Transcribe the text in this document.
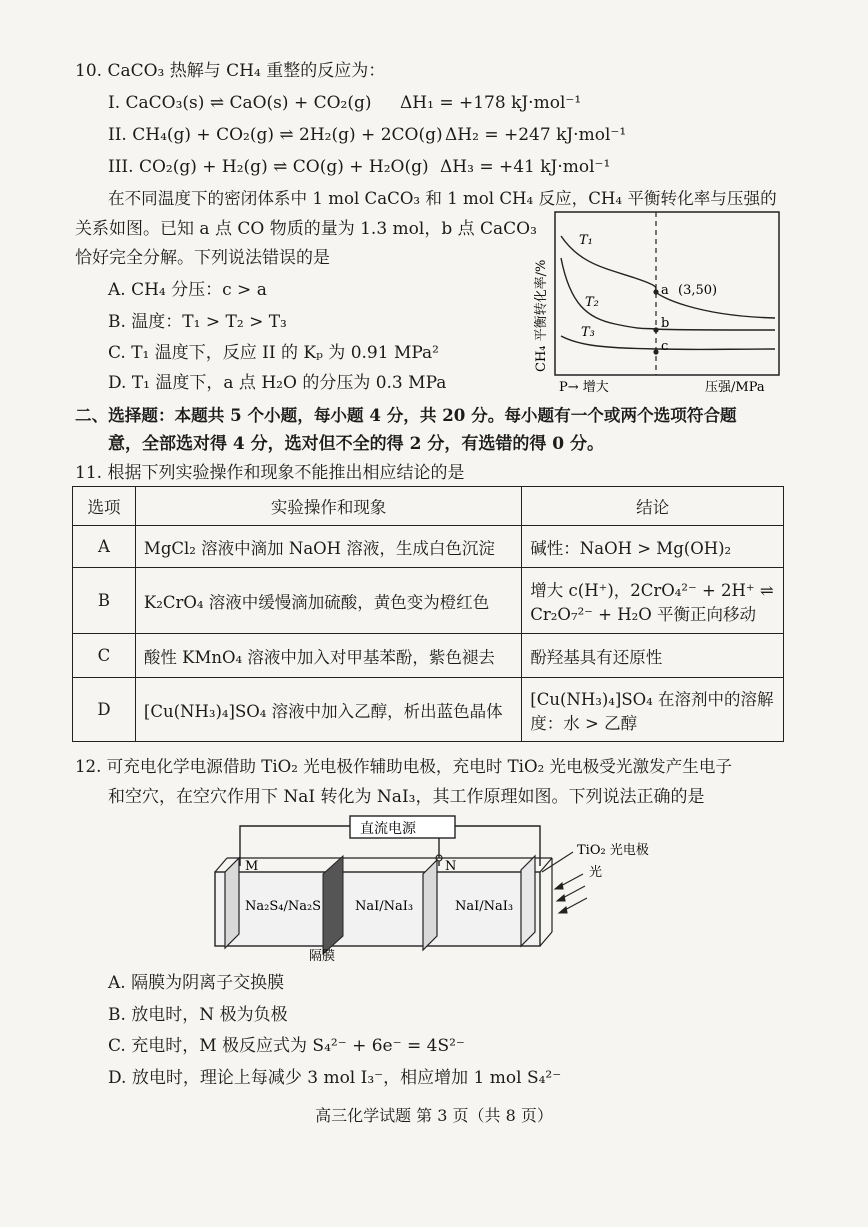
10. CaCO₃ 热解与 CH₄ 重整的反应为：
I. CaCO₃(s) ⇌ CaO(s) + CO₂(g) ΔH₁ = +178 kJ·mol⁻¹
II. CH₄(g) + CO₂(g) ⇌ 2H₂(g) + 2CO(g) ΔH₂ = +247 kJ·mol⁻¹
III. CO₂(g) + H₂(g) ⇌ CO(g) + H₂O(g) ΔH₃ = +41 kJ·mol⁻¹
在不同温度下的密闭体系中 1 mol CaCO₃ 和 1 mol CH₄ 反应，CH₄ 平衡转化率与压强的
关系如图。已知 a 点 CO 物质的量为 1.3 mol，b 点 CaCO₃
恰好完全分解。下列说法错误的是
A. CH₄ 分压：c > a
B. 温度：T₁ > T₂ > T₃
C. T₁ 温度下，反应 II 的 Kₚ 为 0.91 MPa²
D. T₁ 温度下，a 点 H₂O 的分压为 0.3 MPa
T₁
T₂
T₃
a (3,50)
b
c
CH₄ 平衡转化率/%
P→ 增大	压强/MPa
二、选择题：本题共 5 个小题，每小题 4 分，共 20 分。每小题有一个或两个选项符合题
意，全部选对得 4 分，选对但不全的得 2 分，有选错的得 0 分。
11. 根据下列实验操作和现象不能推出相应结论的是
选项	实验操作和现象	结论
A	MgCl₂ 溶液中滴加 NaOH 溶液，生成白色沉淀	碱性：NaOH > Mg(OH)₂
B	K₂CrO₄ 溶液中缓慢滴加硫酸，黄色变为橙红色	增大 c(H⁺)，2CrO₄²⁻ + 2H⁺ ⇌ Cr₂O₇²⁻ + H₂O 平衡正向移动
C	酸性 KMnO₄ 溶液中加入对甲基苯酚，紫色褪去	酚羟基具有还原性
D	[Cu(NH₃)₄]SO₄ 溶液中加入乙醇，析出蓝色晶体	[Cu(NH₃)₄]SO₄ 在溶剂中的溶解度：水 > 乙醇
12. 可充电化学电源借助 TiO₂ 光电极作辅助电极，充电时 TiO₂ 光电极受光激发产生电子
和空穴，在空穴作用下 NaI 转化为 NaI₃，其工作原理如图。下列说法正确的是
直流电源
M
隔膜
N
Na₂S₄/Na₂S	NaI/NaI₃	NaI/NaI₃
TiO₂ 光电极
光
A. 隔膜为阴离子交换膜
B. 放电时，N 极为负极
C. 充电时，M 极反应式为 S₄²⁻ + 6e⁻ = 4S²⁻
D. 放电时，理论上每减少 3 mol I₃⁻，相应增加 1 mol S₄²⁻
高三化学试题 第 3 页（共 8 页）
